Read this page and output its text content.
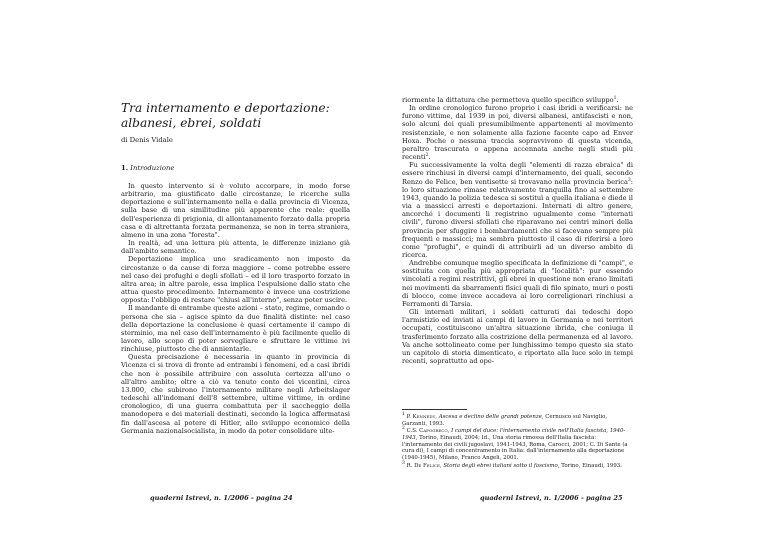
Tra internamento e deportazione: albanesi, ebrei, soldati

di Denis Vidale

1. Introduzione

In questo intervento si è voluto accorpare, in modo forse arbitrario, ma giustificato dalle circostanze, le ricerche sulla deportazione e sull'internamento nella e dalla provincia di Vicenza, sulla base di una similitudine più apparente che reale: quella dell'esperienza di prigionia, di allontanamento forzato dalla propria casa e di altrettanta forzata permanenza, se non in terra straniera, almeno in una zona "foresta".

In realtà, ad una lettura più attenta, le differenze iniziano già dall'ambito semantico.

Deportazione implica uno sradicamento non imposto da circostanze o da cause di forza maggiore – come potrebbe essere nel caso dei profughi e degli sfollati – ed il loro trasporto forzato in altra area; in altre parole, essa implica l'espulsione dallo stato che attua questo procedimento. Internamento è invece una costrizione opposta: l'obbligo di restare "chiusi all'interno", senza poter uscire.

Il mandante di entrambe queste azioni – stato, regime, comando o persona che sia – agisce spinto da due finalità distinte: nel caso della deportazione la conclusione è quasi certamente il campo di sterminio, ma nel caso dell'internamento è più facilmente quello di lavoro, allo scopo di poter sorvegliare e sfruttare le vittime ivi rinchiuse, piuttosto che di annientarle.

Questa precisazione è necessaria in quanto in provincia di Vicenza ci si trova di fronte ad entrambi i fenomeni, ed a casi ibridi che non è possibile attribuire con assoluta certezza all'uno o all'altro ambito; oltre a ciò va tenuto conto dei vicentini, circa 13.000, che subirono l'internamento militare negli Arbeitslager tedeschi all'indomani dell'8 settembre, ultime vittime, in ordine cronologico, di una guerra combattuta per il saccheggio della manodopera e dei materiali destinati, secondo la logica affermatasi fin dall'ascesa al potere di Hitler, allo sviluppo economico della Germania nazionalsocialista, in modo da poter consolidare ulte-

quaderni Istrevi, n. 1/2006 - pagina 24

riormente la dittatura che permetteva quello specifico sviluppo$^1$.

In ordine cronologico furono proprio i casi ibridi a verificarsi: ne furono vittime, dal 1939 in poi, diversi albanesi, antifascisti e non, solo alcuni dei quali presumibilmente appartenenti al movimento resistenziale, e non solamente alla fazione facente capo ad Enver Hoxa. Poche o nessuna traccia sopravvivono di questa vicenda, peraltro trascurata o appena accennata anche negli studi più recenti$^2$.

Fu successivamente la volta degli "elementi di razza ebraica" di essere rinchiusi in diversi campi d'internamento, dei quali, secondo Renzo de Felice, ben ventisette si trovavano nella provincia berica$^3$: lo loro situazione rimase relativamente tranquilla fino al settembre 1943, quando la polizia tedesca si sostituì a quella italiana e diede il via a massicci arresti e deportazioni. Internati di altro genere, ancorché i documenti li registrino ugualmente come "internati civili", furono diversi sfollati che riparavano nei centri minori della provincia per sfuggire i bombardamenti che si facevano sempre più frequenti e massicci; ma sembra piuttosto il caso di riferirsi a loro come "profughi", e quindi di attribuirli ad un diverso ambito di ricerca.

Andrebbe comunque meglio specificata la definizione di "campi", e sostituita con quella più appropriata di "località": pur essendo vincolati a regimi restrittivi, gli ebrei in questione non erano limitati nei movimenti da sbarramenti fisici quali di filo spinato, muri o posti di blocco, come invece accadeva ai loro correligionari rinchiusi a Ferramonti di Tarsia.

Gli internati militari, i soldati catturati dai tedeschi dopo l'armistizio ed inviati ai campi di lavoro in Germania e nei territori occupati, costituiscono un'altra situazione ibrida, che coniuga il trasferimento forzato alla costrizione della permanenza ed al lavoro. Va anche sottolineato come per lunghissimo tempo questo sia stato un capitolo di storia dimenticato, e riportato alla luce solo in tempi recenti, soprattutto ad ope-

$^1$ P. Kennedy, Ascesa e declino delle grandi potenze, Cernusco sul Naviglio, Garzanti, 1993.
$^2$ C.S. Capogreco, I campi del duce: l'internamento civile nell'Italia fascista, 1940-1943, Torino, Einaudi, 2004; Id., Una storia rimossa dell'Italia fascista: l'internamento dei civili jugoslavi, 1941-1943, Roma, Carocci, 2001; C. Di Sante (a cura di), I campi di concentramento in Italia: dall'internamento alla deportazione (1940-1945), Milano, Franco Angeli, 2001.
$^3$ R. De Felice, Storia degli ebrei italiani sotto il fascismo, Torino, Einaudi, 1993.
quaderni Istrevi, n. 1/2006 - pagina 25
